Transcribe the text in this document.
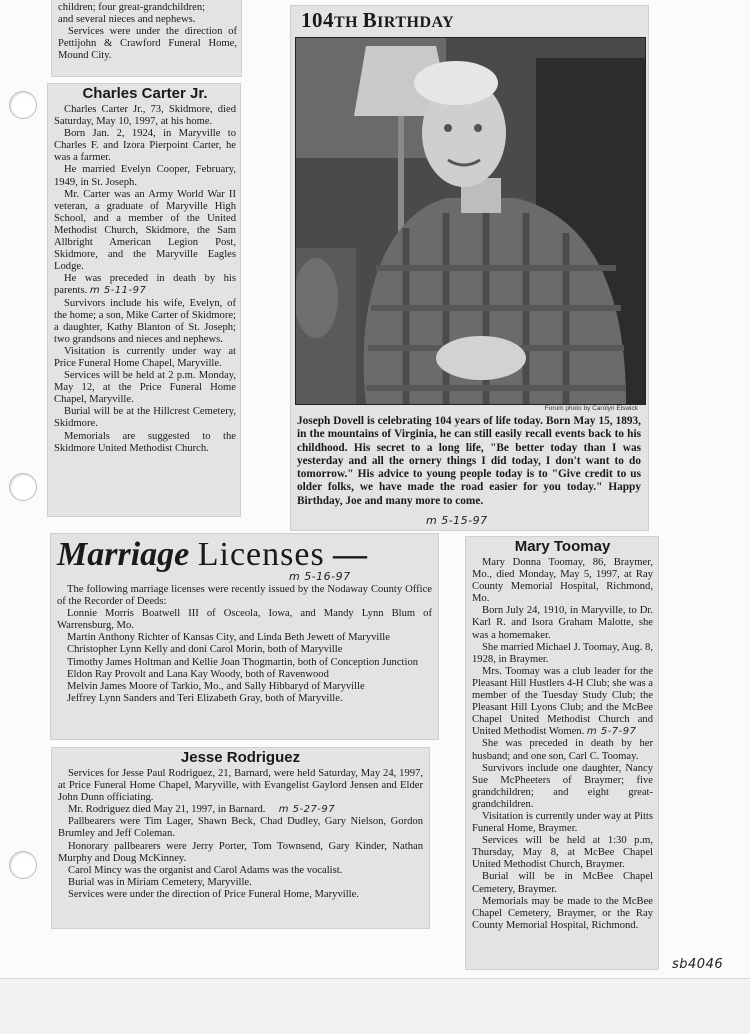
children; four great-grandchildren;

and several nieces and nephews.

Services were under the direction of Pettijohn & Crawford Funeral Home, Mound City.

Charles Carter Jr.

Charles Carter Jr., 73, Skidmore, died Saturday, May 10, 1997, at his home.

Born Jan. 2, 1924, in Maryville to Charles F. and Izora Pierpoint Carter, he was a farmer.

He married Evelyn Cooper, February, 1949, in St. Joseph.

Mr. Carter was an Army World War II veteran, a graduate of Maryville High School, and a member of the United Methodist Church, Skidmore, the Sam Allbright American Legion Post, Skidmore, and the Maryville Eagles Lodge.

He was preceded in death by his parents. m 5-11-97

Survivors include his wife, Evelyn, of the home; a son, Mike Carter of Skidmore; a daughter, Kathy Blanton of St. Joseph; two grandsons and nieces and nephews.

Visitation is currently under way at Price Funeral Home Chapel, Maryville.

Services will be held at 2 p.m. Monday, May 12, at the Price Funeral Home Chapel, Maryville.

Burial will be at the Hillcrest Cemetery, Skidmore.

Memorials are suggested to the Skidmore United Methodist Church.

104TH BIRTHDAY
Forum photo by Carolyn Elswick
Joseph Dovell is celebrating 104 years of life today. Born May 15, 1893, in the mountains of Virginia, he can still easily recall events back to his childhood. His secret to a long life, "Be better today than I was yesterday and all the ornery things I did today, I don't want to do tomorrow." His advice to young people today is to "Give credit to us older folks, we have made the road easier for you today." Happy Birthday, Joe and many more to come.
m 5-15-97
Marriage Licenses —
m 5-16-97

The following marriage licenses were recently issued by the Nodaway County Office of the Recorder of Deeds:

Lonnie Morris Boatwell III of Osceola, Iowa, and Mandy Lynn Blum of Warrensburg, Mo.

Martin Anthony Richter of Kansas City, and Linda Beth Jewett of Maryville

Christopher Lynn Kelly and doni Carol Morin, both of Maryville

Timothy James Holtman and Kellie Joan Thogmartin, both of Conception Junction

Eldon Ray Provolt and Lana Kay Woody, both of Ravenwood

Melvin James Moore of Tarkio, Mo., and Sally Hibbaryd of Maryville

Jeffrey Lynn Sanders and Teri Elizabeth Gray, both of Maryville.

Jesse Rodriguez

Services for Jesse Paul Rodriguez, 21, Barnard, were held Saturday, May 24, 1997, at Price Funeral Home Chapel, Maryville, with Evangelist Gaylord Jensen and Elder John Dunn officiating.

Mr. Rodriguez died May 21, 1997, in Barnard. m 5-27-97

Pallbearers were Tim Lager, Shawn Beck, Chad Dudley, Gary Nielson, Gordon Brumley and Jeff Coleman.

Honorary pallbearers were Jerry Porter, Tom Townsend, Gary Kinder, Nathan Murphy and Doug McKinney.

Carol Mincy was the organist and Carol Adams was the vocalist.

Burial was in Miriam Cemetery, Maryville.

Services were under the direction of Price Funeral Home, Maryville.

Mary Toomay

Mary Donna Toomay, 86, Braymer, Mo., died Monday, May 5, 1997, at Ray County Memorial Hospital, Richmond, Mo.

Born July 24, 1910, in Maryville, to Dr. Karl R. and Isora Graham Malotte, she was a homemaker.

She married Michael J. Toomay, Aug. 8, 1928, in Braymer.

Mrs. Toomay was a club leader for the Pleasant Hill Hustlers 4-H Club; she was a member of the Tuesday Study Club; the Pleasant Hill Lyons Club; and the McBee Chapel United Methodist Church and United Methodist Women. m 5-7-97

She was preceded in death by her husband; and one son, Carl C. Toomay.

Survivors include one daughter, Nancy Sue McPheeters of Braymer; five grandchildren; and eight great-grandchildren.

Visitation is currently under way at Pitts Funeral Home, Braymer.

Services will be held at 1:30 p.m, Thursday, May 8, at McBee Chapel United Methodist Church, Braymer.

Burial will be in McBee Chapel Cemetery, Braymer.

Memorials may be made to the McBee Chapel Cemetery, Braymer, or the Ray County Memorial Hospital, Richmond.

sb4046
